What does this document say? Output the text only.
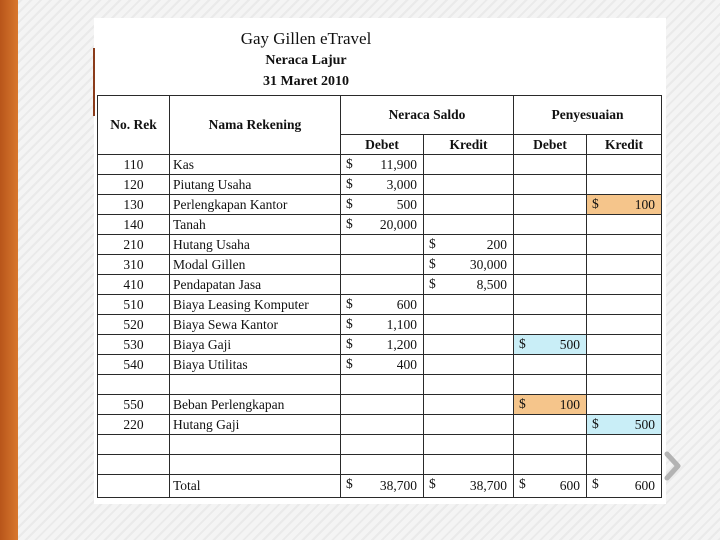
Gay Gillen eTravel
Neraca Lajur
31 Maret 2010
No. Rek	Nama Rekening	Neraca Saldo		Penyesuaian	
		Debet	Kredit	Debet	Kredit
110	Kas	$ 11,900			

120	Piutang Usaha	$ 3,000			

130	Perlengkapan Kantor	$ 500			$ 100

140	Tanah	$ 20,000			

210	Hutang Usaha		$ 200		

310	Modal Gillen		$ 30,000		

410	Pendapatan Jasa		$ 8,500		

510	Biaya Leasing Komputer	$ 600			

520	Biaya Sewa Kantor	$ 1,100			

530	Biaya Gaji	$ 1,200		$ 500	

540	Biaya Utilitas	$ 400			

550	Beban Perlengkapan			$ 100	

220	Hutang Gaji				$ 500

	Total	$ 38,700	$ 38,700	$ 600	$ 600
